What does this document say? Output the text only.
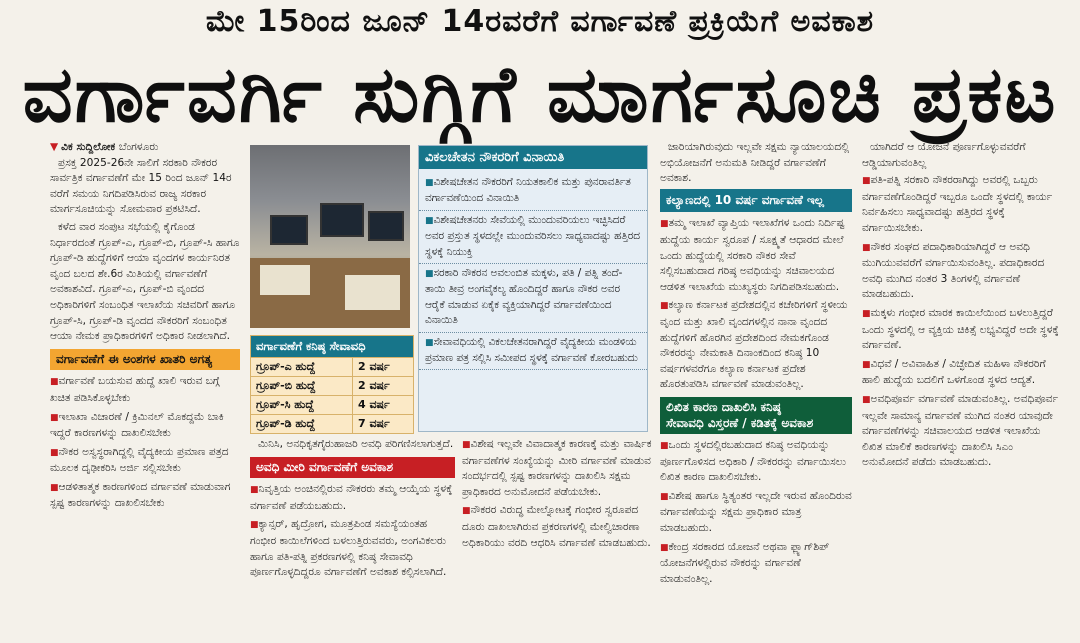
ಮೇ 15ರಿಂದ ಜೂನ್ 14ರವರೆಗೆ ವರ್ಗಾವಣೆ ಪ್ರಕ್ರಿಯೆಗೆ ಅವಕಾಶ
ವರ್ಗಾವರ್ಗಿ ಸುಗ್ಗಿಗೆ ಮಾರ್ಗಸೂಚಿ ಪ್ರಕಟ
▼ ವಿಕ ಸುದ್ದಿಲೋಕ ಬೆಂಗಳೂರು

ಪ್ರಸಕ್ತ 2025-26ನೇ ಸಾಲಿಗೆ ಸರಕಾರಿ ನೌಕರರ ಸಾರ್ವತ್ರಿಕ ವರ್ಗಾವಣೆಗೆ ಮೇ 15 ರಿಂದ ಜೂನ್ 14ರ ವರೆಗೆ ಸಮಯ ನಿಗದಿಪಡಿಸಿರುವ ರಾಜ್ಯ ಸರಕಾರ ಮಾರ್ಗಸೂಚಿಯನ್ನು ಸೋಮವಾರ ಪ್ರಕಟಿಸಿದೆ.

ಕಳೆದ ವಾರ ಸಂಪುಟ ಸಭೆಯಲ್ಲಿ ಕೈಗೊಂಡ ನಿರ್ಧಾರದಂತೆ ಗ್ರೂಪ್-ಎ, ಗ್ರೂಪ್-ಬಿ, ಗ್ರೂಪ್-ಸಿ ಹಾಗೂ ಗ್ರೂಪ್-ಡಿ ಹುದ್ದೆಗಳಿಗೆ ಆಯಾ ವೃಂದಗಳ ಕಾರ್ಯನಿರತ ವೃಂದ ಬಲದ ಶೇ.6ರ ಮಿತಿಯಲ್ಲಿ ವರ್ಗಾವಣೆಗೆ ಅವಕಾಶವಿದೆ. ಗ್ರೂಪ್-ಎ, ಗ್ರೂಪ್-ಬಿ ವೃಂದದ ಅಧಿಕಾರಿಗಳಿಗೆ ಸಂಬಂಧಿತ ಇಲಾಖೆಯ ಸಚಿವರಿಗೆ ಹಾಗೂ ಗ್ರೂಪ್-ಸಿ, ಗ್ರೂಪ್-ಡಿ ವೃಂದದ ನೌಕರರಿಗೆ ಸಂಬಂಧಿತ ಆಯಾ ನೇಮಕ ಪ್ರಾಧಿಕಾರಗಳಿಗೆ ಅಧಿಕಾರ ನೀಡಲಾಗಿದೆ.

ವರ್ಗಾವಣೆಗೆ ಈ ಅಂಶಗಳ ಖಾತರಿ ಅಗತ್ಯ
■ ವರ್ಗಾವಣೆ ಬಯಸುವ ಹುದ್ದೆ ಖಾಲಿ ಇರುವ ಬಗ್ಗೆ ಖಚಿತ ಪಡಿಸಿಕೊಳ್ಳಬೇಕು
■ ಇಲಾಖಾ ವಿಚಾರಣೆ / ಕ್ರಿಮಿನಲ್ ಮೊಕದ್ದಮೆ ಬಾಕಿ ಇದ್ದರೆ ಕಾರಣಗಳನ್ನು ದಾಖಲಿಸಬೇಕು
■ ನೌಕರ ಅಸ್ವಸ್ಥರಾಗಿದ್ದಲ್ಲಿ ವೈದ್ಯಕೀಯ ಪ್ರಮಾಣ ಪತ್ರದ ಮೂಲಕ ದೃಢೀಕರಿಸಿ ಅರ್ಜಿ ಸಲ್ಲಿಸಬೇಕು
■ ಆಡಳಿತಾತ್ಮಕ ಕಾರಣಗಳಿಂದ ವರ್ಗಾವಣೆ ಮಾಡುವಾಗ ಸ್ಪಷ್ಟ ಕಾರಣಗಳನ್ನು ದಾಖಲಿಸಬೇಕು
ವರ್ಗಾವಣೆಗೆ ಕನಿಷ್ಠ ಸೇವಾವಧಿ
ಗ್ರೂಪ್-ಎ ಹುದ್ದೆ	2 ವರ್ಷ
ಗ್ರೂಪ್-ಬಿ ಹುದ್ದೆ	2 ವರ್ಷ
ಗ್ರೂಪ್-ಸಿ ಹುದ್ದೆ	4 ವರ್ಷ
ಗ್ರೂಪ್-ಡಿ ಹುದ್ದೆ	7 ವರ್ಷ

ಮಿನಿಸಿ, ಅನಧಿಕೃತಗೈರುಹಾಜರಿ ಅವಧಿ ಪರಿಗಣಿಸಲಾಗುತ್ತದೆ.

ಅವಧಿ ಮೀರಿ ವರ್ಗಾವಣೆಗೆ ಅವಕಾಶ
■ ನಿವೃತ್ತಿಯ ಅಂಚಿನಲ್ಲಿರುವ ನೌಕರರು ತಮ್ಮ ಆಯ್ಕೆಯ ಸ್ಥಳಕ್ಕೆ ವರ್ಗಾವಣೆ ಪಡೆಯಬಹುದು.
■ ಕ್ಯಾನ್ಸರ್, ಹೃದ್ರೋಗ, ಮೂತ್ರಪಿಂಡ ಸಮಸ್ಯೆಯಂತಹ ಗಂಭೀರ ಕಾಯಿಲೆಗಳಿಂದ ಬಳಲುತ್ತಿರುವವರು, ಅಂಗವಿಕಲರು ಹಾಗೂ ಪತಿ-ಪತ್ನಿ ಪ್ರಕರಣಗಳಲ್ಲಿ ಕನಿಷ್ಠ ಸೇವಾವಧಿ ಪೂರ್ಣಗೊಳ್ಳದಿದ್ದರೂ ವರ್ಗಾವಣೆಗೆ ಅವಕಾಶ ಕಲ್ಪಿಸಲಾಗಿದೆ.
ವಿಕಲಚೇತನ ನೌಕರರಿಗೆ ವಿನಾಯಿತಿ
■ ವಿಶೇಷಚೇತನ ನೌಕರರಿಗೆ ನಿಯತಕಾಲಿಕ ಮತ್ತು ಪುನರಾವರ್ತಿತ ವರ್ಗಾವಣೆಯಿಂದ ವಿನಾಯಿತಿ
■ ವಿಶೇಷಚೇತನರು ಸೇವೆಯಲ್ಲಿ ಮುಂದುವರಿಯಲು ಇಚ್ಛಿಸಿದರೆ ಅವರ ಪ್ರಸ್ತುತ ಸ್ಥಳದಲ್ಲೇ ಮುಂದುವರಿಸಲು ಸಾಧ್ಯವಾದಷ್ಟು ಹತ್ತಿರದ ಸ್ಥಳಕ್ಕೆ ನಿಯುಕ್ತಿ
■ ಸರಕಾರಿ ನೌಕರನ ಅವಲಂಬಿತ ಮಕ್ಕಳು, ಪತಿ / ಪತ್ನಿ ತಂದೆ-ತಾಯಿ ತೀವ್ರ ಅಂಗವೈಕಲ್ಯ ಹೊಂದಿದ್ದರೆ ಹಾಗೂ ನೌಕರ ಅವರ ಆರೈಕೆ ಮಾಡುವ ಏಕೈಕ ವ್ಯಕ್ತಿಯಾಗಿದ್ದರೆ ವರ್ಗಾವಣೆಯಿಂದ ವಿನಾಯಿತಿ
■ ಸೇವಾವಧಿಯಲ್ಲಿ ವಿಕಲಚೇತನರಾಗಿದ್ದರೆ ವೈದ್ಯಕೀಯ ಮಂಡಳಿಯ ಪ್ರಮಾಣ ಪತ್ರ ಸಲ್ಲಿಸಿ ಸಮೀಪದ ಸ್ಥಳಕ್ಕೆ ವರ್ಗಾವಣೆ ಕೋರಬಹುದು
■ ವಿಶೇಷ ಇಲ್ಲವೇ ವಿವಾದಾತ್ಮಕ ಕಾರಣಕ್ಕೆ ಮತ್ತು ವಾರ್ಷಿಕ ವರ್ಗಾವಣೆಗಳ ಸಂಖ್ಯೆಯನ್ನು ಮೀರಿ ವರ್ಗಾವಣೆ ಮಾಡುವ ಸಂದರ್ಭದಲ್ಲಿ ಸ್ಪಷ್ಟ ಕಾರಣಗಳನ್ನು ದಾಖಲಿಸಿ ಸಕ್ಷಮ ಪ್ರಾಧಿಕಾರದ ಅನುಮೋದನೆ ಪಡೆಯಬೇಕು.
■ ನೌಕರರ ವಿರುದ್ಧ ಮೇಲ್ನೋಟಕ್ಕೆ ಗಂಭೀರ ಸ್ವರೂಪದ ದೂರು ದಾಖಲಾಗಿರುವ ಪ್ರಕರಣಗಳಲ್ಲಿ ಮೇಲ್ವಿಚಾರಣಾ ಅಧಿಕಾರಿಯು ವರದಿ ಆಧರಿಸಿ ವರ್ಗಾವಣೆ ಮಾಡಬಹುದು.

ಜಾರಿಯಾಗಿರುವುದು ಇಲ್ಲವೇ ಸಕ್ಷಮ ನ್ಯಾಯಾಲಯದಲ್ಲಿ ಅಭಿಯೋಜನೆಗೆ ಅನುಮತಿ ನೀಡಿದ್ದರೆ ವರ್ಗಾವಣೆಗೆ ಅವಕಾಶ.

ಕಲ್ಯಾಣದಲ್ಲಿ 10 ವರ್ಷ ವರ್ಗಾವಣೆ ಇಲ್ಲ
■ ತಮ್ಮ ಇಲಾಖೆ ವ್ಯಾಪ್ತಿಯ ಇಲಾಖೆಗಳ ಒಂದು ನಿರ್ದಿಷ್ಟ ಹುದ್ದೆಯ ಕಾರ್ಯ ಸ್ವರೂಪ / ಸೂಕ್ಷ್ಮತೆ ಆಧಾರದ ಮೇಲೆ ಒಂದು ಹುದ್ದೆಯಲ್ಲಿ ಸರಕಾರಿ ನೌಕರ ಸೇವೆ ಸಲ್ಲಿಸಬಹುದಾದ ಗರಿಷ್ಠ ಅವಧಿಯನ್ನು ಸಚಿವಾಲಯದ ಆಡಳಿತ ಇಲಾಖೆಯ ಮುಖ್ಯಸ್ಥರು ನಿಗದಿಪಡಿಸಬಹುದು.
■ ಕಲ್ಯಾಣ ಕರ್ನಾಟಕ ಪ್ರದೇಶದಲ್ಲಿನ ಕಚೇರಿಗಳಿಗೆ ಸ್ಥಳೀಯ ವೃಂದ ಮತ್ತು ಖಾಲಿ ವೃಂದಗಳಲ್ಲಿನ ನಾನಾ ವೃಂದದ ಹುದ್ದೆಗಳಿಗೆ ಹೊರಗಿನ ಪ್ರದೇಶದಿಂದ ನೇಮಕಗೊಂಡ ನೌಕರರನ್ನು ನೇಮಕಾತಿ ದಿನಾಂಕದಿಂದ ಕನಿಷ್ಠ 10 ವರ್ಷಗಳವರೆಗೂ ಕಲ್ಯಾಣ ಕರ್ನಾಟಕ ಪ್ರದೇಶ ಹೊರತುಪಡಿಸಿ ವರ್ಗಾವಣೆ ಮಾಡುವಂತಿಲ್ಲ.
ಲಿಖಿತ ಕಾರಣ ದಾಖಲಿಸಿ ಕನಿಷ್ಠ
ಸೇವಾವಧಿ ವಿಸ್ತರಣೆ / ಕಡಿತಕ್ಕೆ ಅವಕಾಶ
■ ಒಂದು ಸ್ಥಳದಲ್ಲಿರಬಹುದಾದ ಕನಿಷ್ಠ ಅವಧಿಯನ್ನು ಪೂರ್ಣಗೊಳಿಸದ ಅಧಿಕಾರಿ / ನೌಕರರನ್ನು ವರ್ಗಾಯಿಸಲು ಲಿಖಿತ ಕಾರಣ ದಾಖಲಿಸಬೇಕು.
■ ವಿಶೇಷ ಹಾಗೂ ಸ್ಥಿತ್ಯಂತರ ಇಲ್ಲದೇ ಇರುವ ಹೊಂದಿರುವ ವರ್ಗಾವಣೆಯನ್ನು ಸಕ್ಷಮ ಪ್ರಾಧಿಕಾರ ಮಾತ್ರ ಮಾಡಬಹುದು.
■ ಕೇಂದ್ರ ಸರಕಾರದ ಯೋಜನೆ ಅಥವಾ ಫ್ಲ್ಯಾಗ್‌ಶಿಪ್ ಯೋಜನೆಗಳಲ್ಲಿರುವ ನೌಕರನ್ನು ವರ್ಗಾವಣೆ ಮಾಡುವಂತಿಲ್ಲ.

ಯಾಗಿದರೆ ಆ ಯೋಜನೆ ಪೂರ್ಣಗೊಳ್ಳುವವರೆಗೆ ಆಡ್ಡಿಯಾಗುವಂತಿಲ್ಲ

■ ಪತಿ-ಪತ್ನಿ ಸರಕಾರಿ ನೌಕರರಾಗಿದ್ದು ಅವರಲ್ಲಿ ಒಬ್ಬರು ವರ್ಗಾವಣೆಗೊಂಡಿದ್ದರೆ ಇಬ್ಬರೂ ಒಂದೇ ಸ್ಥಳದಲ್ಲಿ ಕಾರ್ಯ ನಿರ್ವಹಿಸಲು ಸಾಧ್ಯವಾದಷ್ಟು ಹತ್ತಿರದ ಸ್ಥಳಕ್ಕೆ ವರ್ಗಾಯಿಸಬೇಕು.
■ ನೌಕರ ಸಂಘದ ಪದಾಧಿಕಾರಿಯಾಗಿದ್ದರೆ ಆ ಅವಧಿ ಮುಗಿಯುವವರೆಗೆ ವರ್ಗಾಯಿಸುವಂತಿಲ್ಲ. ಪದಾಧಿಕಾರದ ಅವಧಿ ಮುಗಿದ ನಂತರ 3 ತಿಂಗಳಲ್ಲಿ ವರ್ಗಾವಣೆ ಮಾಡಬಹುದು.
■ ಮಕ್ಕಳು ಗಂಭೀರ ಮಾರಕ ಕಾಯಿಲೆಯಿಂದ ಬಳಲುತ್ತಿದ್ದರೆ ಒಂದು ಸ್ಥಳದಲ್ಲಿ ಆ ವ್ಯಕ್ತಿಯ ಚಿಕಿತ್ಸೆ ಲಭ್ಯವಿದ್ದರೆ ಅದೇ ಸ್ಥಳಕ್ಕೆ ವರ್ಗಾವಣೆ.
■ ವಿಧವೆ / ಅವಿವಾಹಿತ / ವಿಚ್ಛೇದಿತ ಮಹಿಳಾ ನೌಕರರಿಗೆ ಹಾಲಿ ಹುದ್ದೆಯ ಬದಲಿಗೆ ಒಳಗೊಂಡ ಸ್ಥಳದ ಆದ್ಯತೆ.
■ ಅವಧಿಪೂರ್ವ ವರ್ಗಾವಣೆ ಮಾಡುವಂತಿಲ್ಲ. ಅವಧಿಪೂರ್ವ ಇಲ್ಲವೇ ಸಾಮಾನ್ಯ ವರ್ಗಾವಣೆ ಮುಗಿದ ನಂತರ ಯಾವುದೇ ವರ್ಗಾವಣೆಗಳನ್ನು ಸಚಿವಾಲಯದ ಆಡಳಿತ ಇಲಾಖೆಯ ಲಿಖಿತ ಮಾಲಿಕೆ ಕಾರಣಗಳನ್ನು ದಾಖಲಿಸಿ ಸಿಎಂ ಅನುಮೋದನೆ ಪಡೆದು ಮಾಡಬಹುದು.
